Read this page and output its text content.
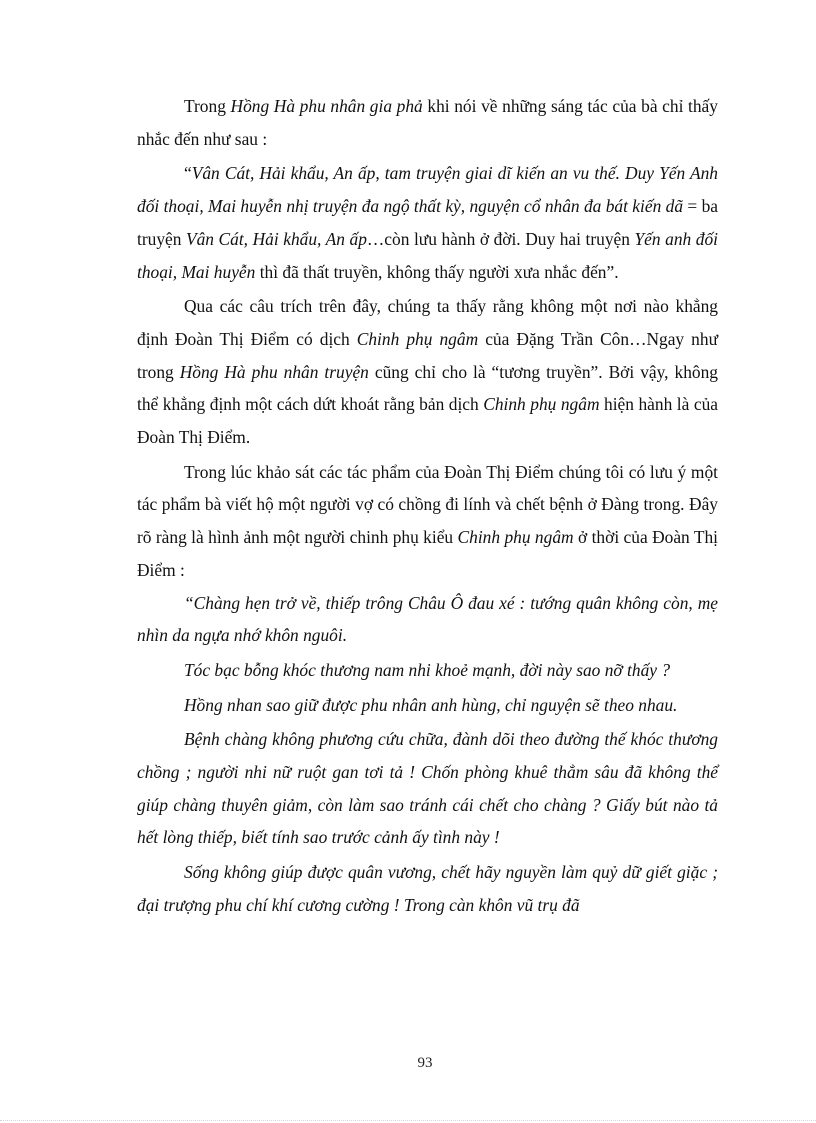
Trong Hồng Hà phu nhân gia phả khi nói về những sáng tác của bà chỉ thấy nhắc đến như sau :

“Vân Cát, Hải khẩu, An ấp, tam truyện giai dĩ kiến an vu thế. Duy Yến Anh đối thoại, Mai huyễn nhị truyện đa ngộ thất kỳ, nguyện cổ nhân đa bát kiến dã = ba truyện Vân Cát, Hải khẩu, An ấp…còn lưu hành ở đời. Duy hai truyện Yến anh đối thoại, Mai huyễn thì đã thất truyền, không thấy người xưa nhắc đến”.

Qua các câu trích trên đây, chúng ta thấy rằng không một nơi nào khẳng định Đoàn Thị Điểm có dịch Chinh phụ ngâm của Đặng Trần Côn…Ngay như trong Hồng Hà phu nhân truyện cũng chỉ cho là “tương truyền”. Bởi vậy, không thể khẳng định một cách dứt khoát rằng bản dịch Chinh phụ ngâm hiện hành là của Đoàn Thị Điểm.

Trong lúc khảo sát các tác phẩm của Đoàn Thị Điểm chúng tôi có lưu ý một tác phẩm bà viết hộ một người vợ có chồng đi lính và chết bệnh ở Đàng trong. Đây rõ ràng là hình ảnh một người chinh phụ kiểu Chinh phụ ngâm ở thời của Đoàn Thị Điểm :

“Chàng hẹn trở về, thiếp trông Châu Ô đau xé : tướng quân không còn, mẹ nhìn da ngựa nhớ khôn nguôi.

Tóc bạc bỗng khóc thương nam nhi khoẻ mạnh, đời này sao nỡ thấy ?

Hồng nhan sao giữ được phu nhân anh hùng, chỉ nguyện sẽ theo nhau.

Bệnh chàng không phương cứu chữa, đành dõi theo đường thế khóc thương chồng ; người nhi nữ ruột gan tơi tả ! Chốn phòng khuê thẳm sâu đã không thể giúp chàng thuyên giảm, còn làm sao tránh cái chết cho chàng ? Giấy bút nào tả hết lòng thiếp, biết tính sao trước cảnh ấy tình này !

Sống không giúp được quân vương, chết hãy nguyền làm quỷ dữ giết giặc ; đại trượng phu chí khí cương cường ! Trong càn khôn vũ trụ đã

93
